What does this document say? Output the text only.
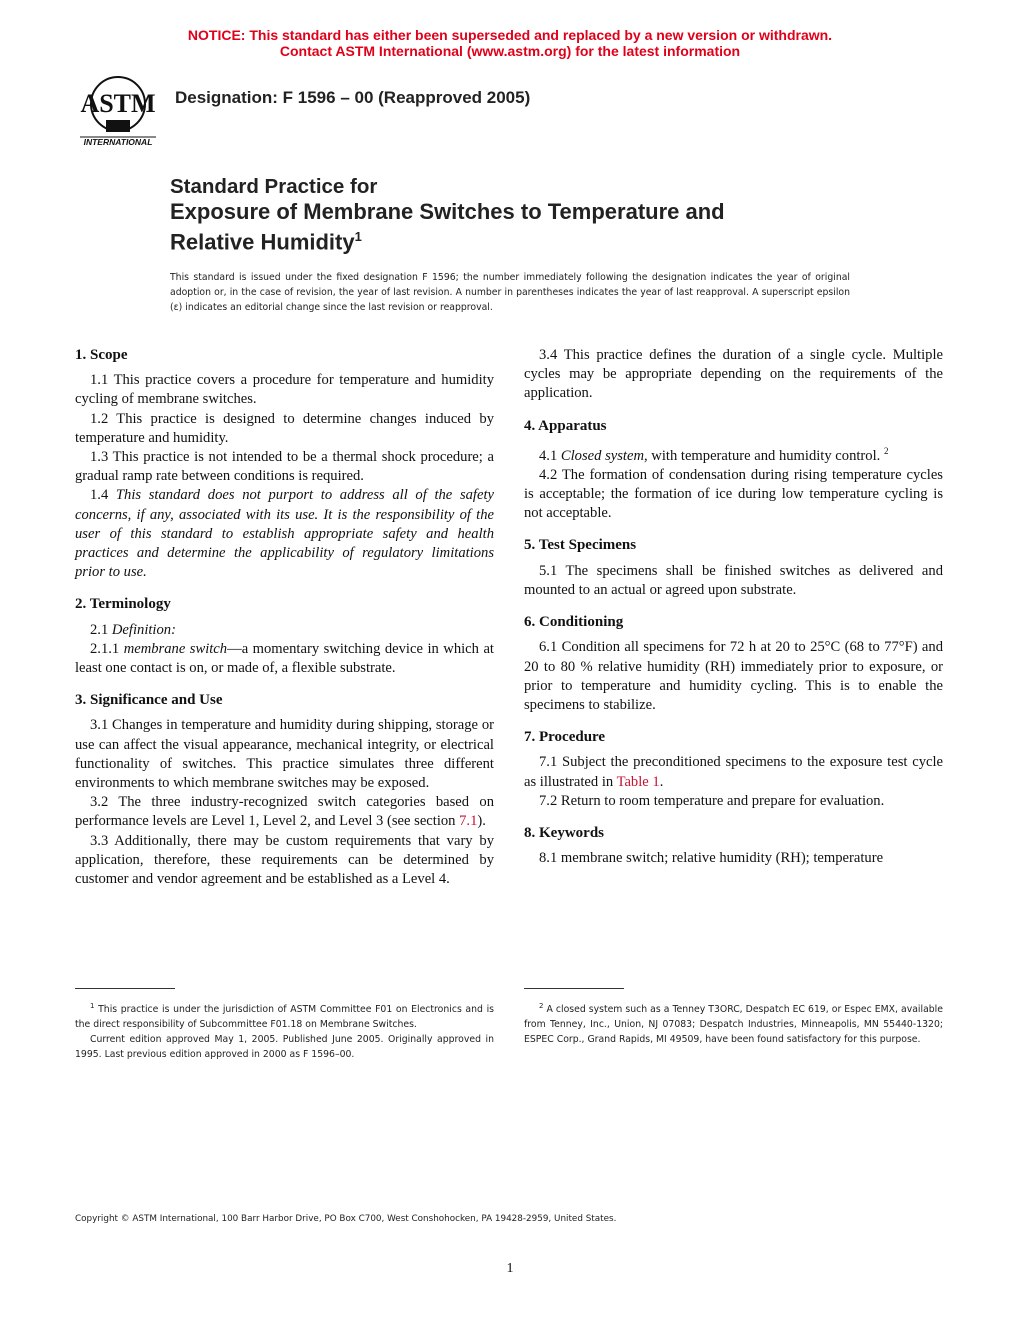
NOTICE: This standard has either been superseded and replaced by a new version or withdrawn.
Contact ASTM International (www.astm.org) for the latest information
ASTM
INTERNATIONAL
Designation: F 1596 – 00 (Reapproved 2005)
Standard Practice for
Exposure of Membrane Switches to Temperature and
Relative Humidity$^1$
This standard is issued under the fixed designation F 1596; the number immediately following the designation indicates the year of original adoption or, in the case of revision, the year of last revision. A number in parentheses indicates the year of last reapproval. A superscript epsilon (ε) indicates an editorial change since the last revision or reapproval.
1. Scope

1.1 This practice covers a procedure for temperature and humidity cycling of membrane switches.

1.2 This practice is designed to determine changes induced by temperature and humidity.

1.3 This practice is not intended to be a thermal shock procedure; a gradual ramp rate between conditions is required.

1.4 This standard does not purport to address all of the safety concerns, if any, associated with its use. It is the responsibility of the user of this standard to establish appropriate safety and health practices and determine the applicability of regulatory limitations prior to use.

2. Terminology

2.1 Definition:

2.1.1 membrane switch—a momentary switching device in which at least one contact is on, or made of, a flexible substrate.

3. Significance and Use

3.1 Changes in temperature and humidity during shipping, storage or use can affect the visual appearance, mechanical integrity, or electrical functionality of switches. This practice simulates three different environments to which membrane switches may be exposed.

3.2 The three industry-recognized switch categories based on performance levels are Level 1, Level 2, and Level 3 (see section 7.1).

3.3 Additionally, there may be custom requirements that vary by application, therefore, these requirements can be determined by customer and vendor agreement and be established as a Level 4.

3.4 This practice defines the duration of a single cycle. Multiple cycles may be appropriate depending on the requirements of the application.

4. Apparatus

4.1 Closed system, with temperature and humidity control. $^2$

4.2 The formation of condensation during rising temperature cycles is acceptable; the formation of ice during low temperature cycling is not acceptable.

5. Test Specimens

5.1 The specimens shall be finished switches as delivered and mounted to an actual or agreed upon substrate.

6. Conditioning

6.1 Condition all specimens for 72 h at 20 to 25°C (68 to 77°F) and 20 to 80 % relative humidity (RH) immediately prior to exposure, or prior to temperature and humidity cycling. This is to enable the specimens to stabilize.

7. Procedure

7.1 Subject the preconditioned specimens to the exposure test cycle as illustrated in Table 1.

7.2 Return to room temperature and prepare for evaluation.

8. Keywords

8.1 membrane switch; relative humidity (RH); temperature

$^1$ This practice is under the jurisdiction of ASTM Committee F01 on Electronics and is the direct responsibility of Subcommittee F01.18 on Membrane Switches.

Current edition approved May 1, 2005. Published June 2005. Originally approved in 1995. Last previous edition approved in 2000 as F 1596–00.

$^2$ A closed system such as a Tenney T3ORC, Despatch EC 619, or Espec EMX, available from Tenney, Inc., Union, NJ 07083; Despatch Industries, Minneapolis, MN 55440-1320; ESPEC Corp., Grand Rapids, MI 49509, have been found satisfactory for this purpose.

Copyright © ASTM International, 100 Barr Harbor Drive, PO Box C700, West Conshohocken, PA 19428-2959, United States.
1
